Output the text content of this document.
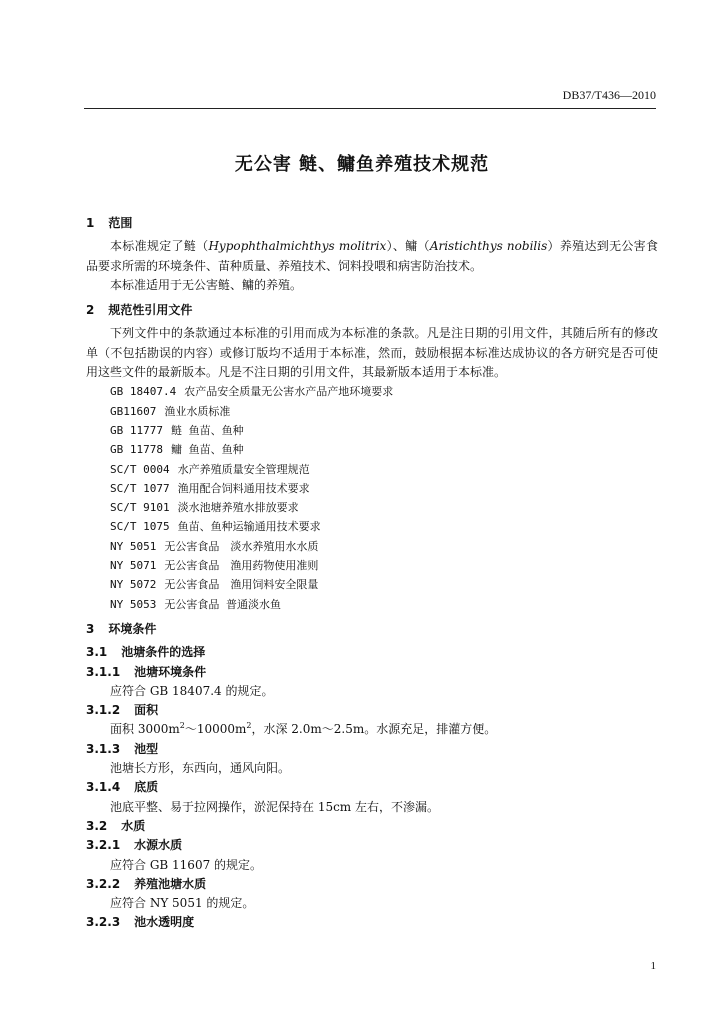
DB37/T436—2010
无公害 鲢、鳙鱼养殖技术规范
1 范围
本标准规定了鲢（Hypophthalmichthys molitrix）、鳙（Aristichthys nobilis）养殖达到无公害食品要求所需的环境条件、苗种质量、养殖技术、饲料投喂和病害防治技术。
本标准适用于无公害鲢、鳙的养殖。
2 规范性引用文件
下列文件中的条款通过本标准的引用而成为本标准的条款。凡是注日期的引用文件，其随后所有的修改单（不包括勘误的内容）或修订版均不适用于本标准，然而，鼓励根据本标准达成协议的各方研究是否可使用这些文件的最新版本。凡是不注日期的引用文件，其最新版本适用于本标准。
GB 18407.4 农产品安全质量无公害水产品产地环境要求
GB11607 渔业水质标准
GB 11777 鲢 鱼苗、鱼种
GB 11778 鳙 鱼苗、鱼种
SC/T 0004 水产养殖质量安全管理规范
SC/T 1077 渔用配合饲料通用技术要求
SC/T 9101 淡水池塘养殖水排放要求
SC/T 1075 鱼苗、鱼种运输通用技术要求
NY 5051 无公害食品　淡水养殖用水水质
NY 5071 无公害食品　渔用药物使用准则
NY 5072 无公害食品　渔用饲料安全限量
NY 5053 无公害食品 普通淡水鱼
3 环境条件
3.1 池塘条件的选择
3.1.1 池塘环境条件
应符合 GB 18407.4 的规定。
3.1.2 面积
面积 $3000m^2\sim 10000m^2$，水深 2.0m～2.5m。水源充足，排灌方便。
3.1.3 池型
池塘长方形，东西向，通风向阳。
3.1.4 底质
池底平整、易于拉网操作，淤泥保持在 15cm 左右，不渗漏。
3.2 水质
3.2.1 水源水质
应符合 GB 11607 的规定。
3.2.2 养殖池塘水质
应符合 NY 5051 的规定。
3.2.3 池水透明度
1
